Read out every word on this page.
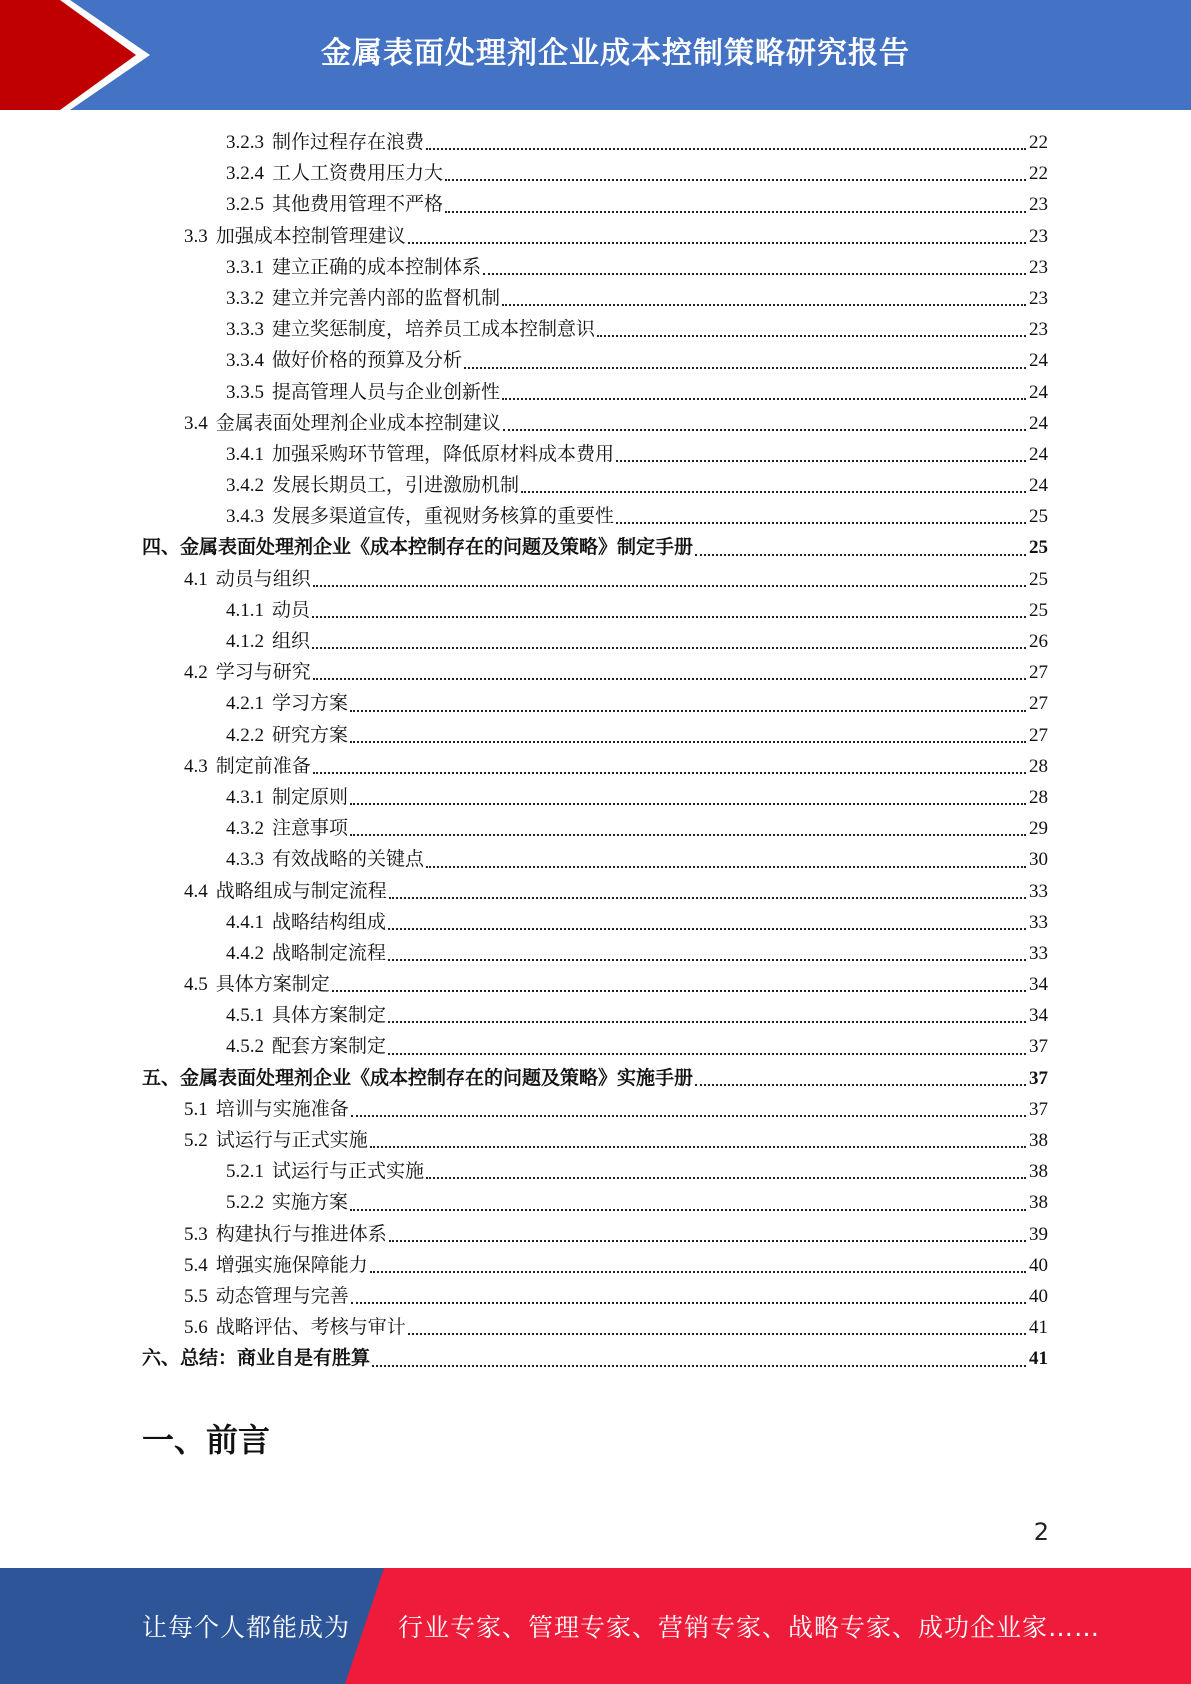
金属表面处理剂企业成本控制策略研究报告
3.2.3 制作过程存在浪费	22
3.2.4 工人工资费用压力大	22
3.2.5 其他费用管理不严格	23
3.3 加强成本控制管理建议	23
3.3.1 建立正确的成本控制体系	23
3.3.2 建立并完善内部的监督机制	23
3.3.3 建立奖惩制度，培养员工成本控制意识	23
3.3.4 做好价格的预算及分析	24
3.3.5 提高管理人员与企业创新性	24
3.4 金属表面处理剂企业成本控制建议	24
3.4.1 加强采购环节管理，降低原材料成本费用	24
3.4.2 发展长期员工，引进激励机制	24
3.4.3 发展多渠道宣传，重视财务核算的重要性	25
四、 金属表面处理剂企业《成本控制存在的问题及策略》制定手册	25
4.1 动员与组织	25
4.1.1 动员	25
4.1.2 组织	26
4.2 学习与研究	27
4.2.1 学习方案	27
4.2.2 研究方案	27
4.3 制定前准备	28
4.3.1 制定原则	28
4.3.2 注意事项	29
4.3.3 有效战略的关键点	30
4.4 战略组成与制定流程	33
4.4.1 战略结构组成	33
4.4.2 战略制定流程	33
4.5 具体方案制定	34
4.5.1 具体方案制定	34
4.5.2 配套方案制定	37
五、 金属表面处理剂企业《成本控制存在的问题及策略》实施手册	37
5.1 培训与实施准备	37
5.2 试运行与正式实施	38
5.2.1 试运行与正式实施	38
5.2.2 实施方案	38
5.3 构建执行与推进体系	39
5.4 增强实施保障能力	40
5.5 动态管理与完善	40
5.6 战略评估、考核与审计	41
六、 总结：商业自是有胜算	41
一、前言
2
让每个人都能成为 行业专家、管理专家、营销专家、战略专家、成功企业家……
